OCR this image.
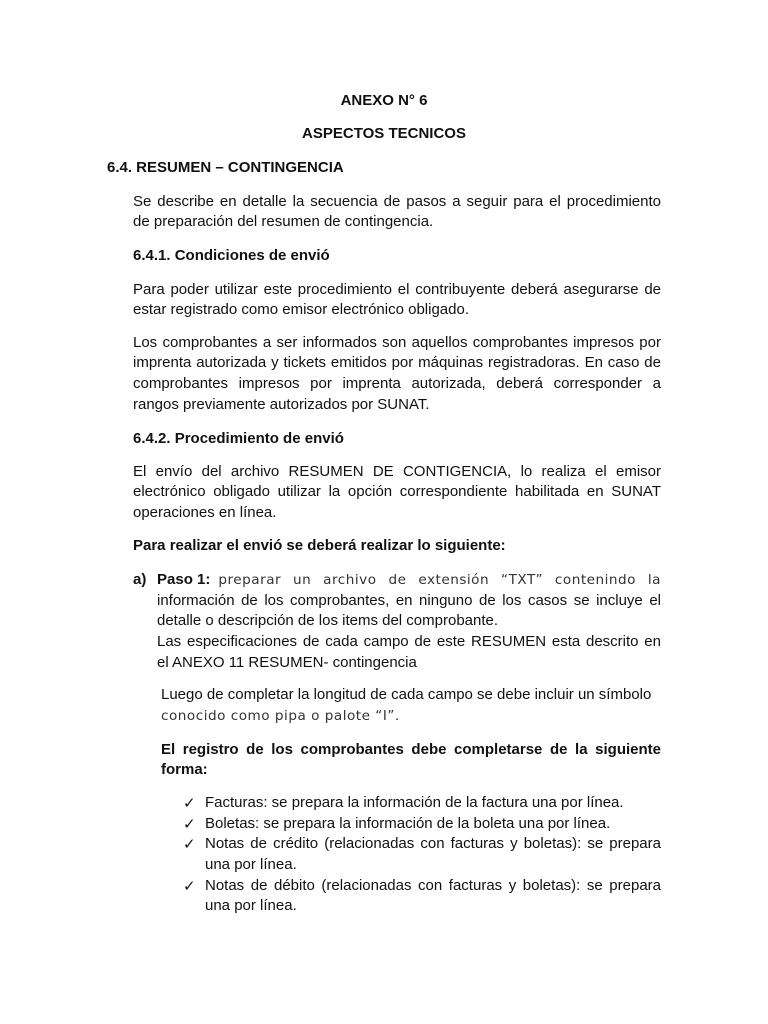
ANEXO N° 6
ASPECTOS TECNICOS
6.4. RESUMEN – CONTINGENCIA
Se describe en detalle la secuencia de pasos a seguir para el procedimiento
de preparación del resumen de contingencia.
6.4.1. Condiciones de envió
Para poder utilizar este procedimiento el contribuyente deberá asegurarse de
estar registrado como emisor electrónico obligado.
Los comprobantes a ser informados son aquellos comprobantes impresos por
imprenta autorizada y tickets emitidos por máquinas registradoras. En caso de
comprobantes impresos por imprenta autorizada, deberá corresponder a
rangos previamente autorizados por SUNAT.
6.4.2. Procedimiento de envió
El envío del archivo RESUMEN DE CONTIGENCIA, lo realiza el emisor
electrónico obligado utilizar la opción correspondiente habilitada en SUNAT
operaciones en línea.
Para realizar el envió se deberá realizar lo siguiente:
a) Paso 1: preparar un archivo de extensión “TXT” contenindo la
información de los comprobantes, en ninguno de los casos se incluye el
detalle o descripción de los items del comprobante.
Las especificaciones de cada campo de este RESUMEN esta descrito en
el ANEXO 11 RESUMEN- contingencia
Luego de completar la longitud de cada campo se debe incluir un símbolo
conocido como pipa o palote “I”.
El registro de los comprobantes debe completarse de la siguiente
forma:
✓ Facturas: se prepara la información de la factura una por línea.
✓ Boletas: se prepara la información de la boleta una por línea.
✓ Notas de crédito (relacionadas con facturas y boletas): se prepara
una por línea.
✓ Notas de débito (relacionadas con facturas y boletas): se prepara
una por línea.
